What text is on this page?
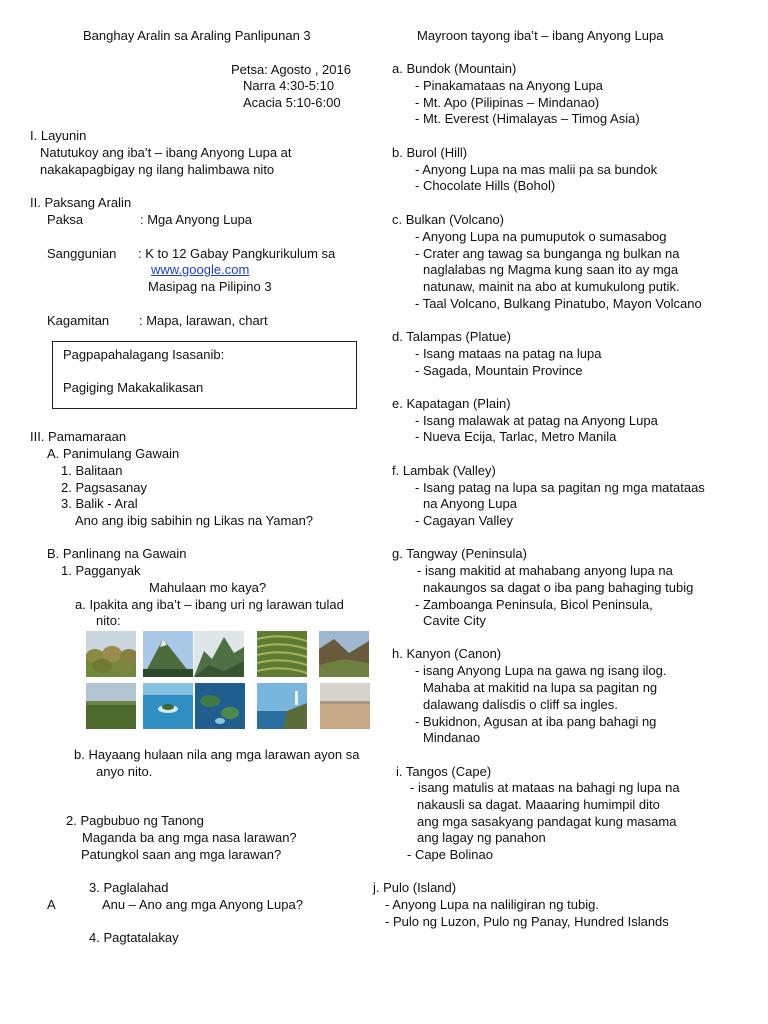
Banghay Aralin sa Araling Panlipunan 3
Petsa: Agosto , 2016
Narra 4:30-5:10
Acacia 5:10-6:00
I. Layunin
Natutukoy ang iba’t – ibang Anyong Lupa at
nakakapagbigay ng ilang halimbawa nito
II. Paksang Aralin
Paksa	: Mga Anyong Lupa
Sanggunian : K to 12 Gabay Pangkurikulum sa
www.google.com
Masipag na Pilipino 3
Kagamitan : Mapa, larawan, chart
Pagpapahalagang Isasanib:
Pagiging Makakalikasan
III. Pamamaraan
A. Panimulang Gawain
1. Balitaan
2. Pagsasanay
3. Balik - Aral
Ano ang ibig sabihin ng Likas na Yaman?
B. Panlinang na Gawain
1. Pagganyak
Mahulaan mo kaya?
a. Ipakita ang iba’t – ibang uri ng larawan tulad
nito:
b. Hayaang hulaan nila ang mga larawan ayon sa
anyo nito.
2. Pagbubuo ng Tanong
Maganda ba ang mga nasa larawan?
Patungkol saan ang mga larawan?
3. Paglalahad
A	Anu – Ano ang mga Anyong Lupa?
4. Pagtatalakay
Mayroon tayong iba’t – ibang Anyong Lupa
a. Bundok (Mountain)
- Pinakamataas na Anyong Lupa
- Mt. Apo (Pilipinas – Mindanao)
- Mt. Everest (Himalayas – Timog Asia)
b. Burol (Hill)
- Anyong Lupa na mas malii pa sa bundok
- Chocolate Hills (Bohol)
c. Bulkan (Volcano)
- Anyong Lupa na pumuputok o sumasabog
- Crater ang tawag sa bunganga ng bulkan na
naglalabas ng Magma kung saan ito ay mga
natunaw, mainit na abo at kumukulong putik.
- Taal Volcano, Bulkang Pinatubo, Mayon Volcano
d. Talampas (Platue)
- Isang mataas na patag na lupa
- Sagada, Mountain Province
e. Kapatagan (Plain)
- Isang malawak at patag na Anyong Lupa
- Nueva Ecija, Tarlac, Metro Manila
f. Lambak (Valley)
- Isang patag na lupa sa pagitan ng mga matataas
na Anyong Lupa
- Cagayan Valley
g. Tangway (Peninsula)
- isang makitid at mahabang anyong lupa na
nakaungos sa dagat o iba pang bahaging tubig
- Zamboanga Peninsula, Bicol Peninsula,
Cavite City
h. Kanyon (Canon)
- isang Anyong Lupa na gawa ng isang ilog.
Mahaba at makitid na lupa sa pagitan ng
dalawang dalisdis o cliff sa ingles.
- Bukidnon, Agusan at iba pang bahagi ng
Mindanao
i. Tangos (Cape)
- isang matulis at mataas na bahagi ng lupa na
nakausli sa dagat. Maaaring humimpil dito
ang mga sasakyang pandagat kung masama
ang lagay ng panahon
- Cape Bolinao
j. Pulo (Island)
- Anyong Lupa na naliligiran ng tubig.
- Pulo ng Luzon, Pulo ng Panay, Hundred Islands
